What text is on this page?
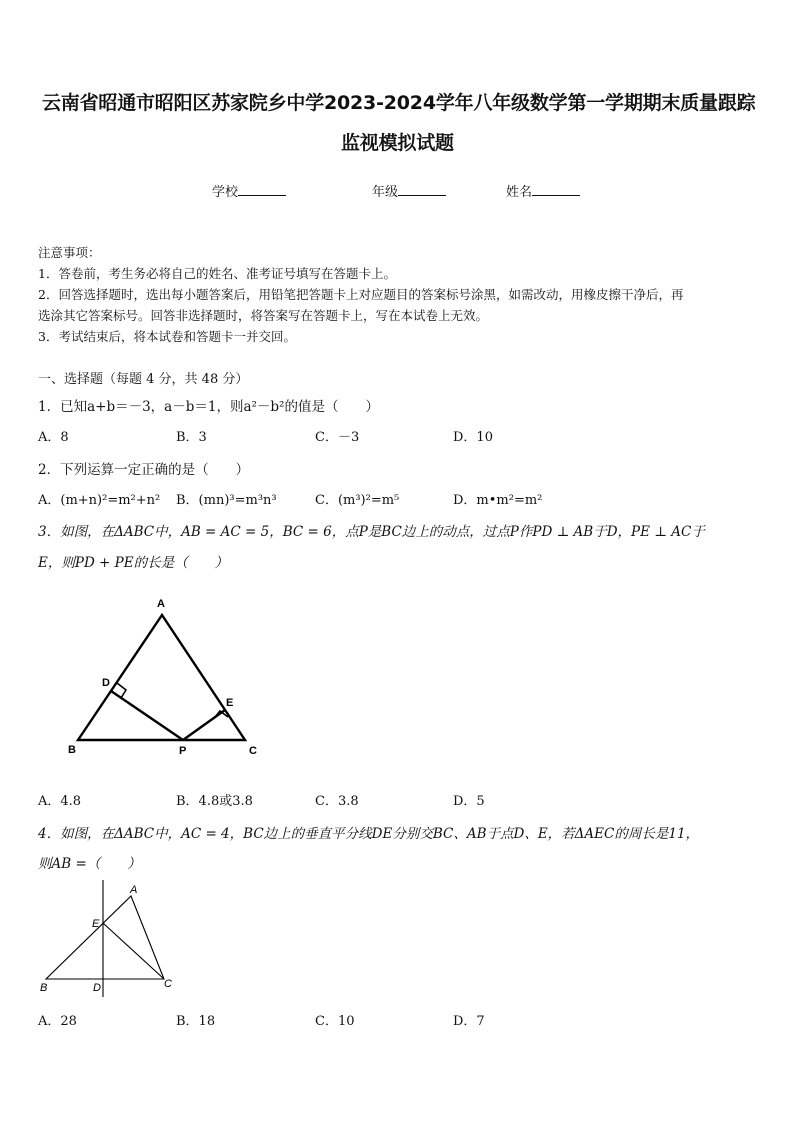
云南省昭通市昭阳区苏家院乡中学2023-2024学年八年级数学第一学期期末质量跟踪
监视模拟试题
学校	年级	姓名
注意事项：
1．答卷前，考生务必将自己的姓名、准考证号填写在答题卡上。
2．回答选择题时，选出每小题答案后，用铅笔把答题卡上对应题目的答案标号涂黑，如需改动，用橡皮擦干净后，再
选涂其它答案标号。回答非选择题时，将答案写在答题卡上，写在本试卷上无效。
3．考试结束后，将本试卷和答题卡一并交回。
一、选择题（每题 4 分，共 48 分）
1．已知a+b＝－3，a－b＝1，则a²－b²的值是（　　）
A．8	B．3	C．－3	D．10
2．下列运算一定正确的是（　　）
A．(m+n)²=m²+n² B．(mn)³=m³n³	C．(m³)²=m⁵	D．m•m²=m²
3．如图，在ΔABC中，AB = AC = 5，BC = 6，点P是BC边上的动点，过点P作PD ⊥ AB于D，PE ⊥ AC于
E，则PD + PE的长是（　　）
A
B	C
D
E
P
A．4.8	B．4.8或3.8	C．3.8	D．5
4．如图，在ΔABC中，AC = 4，BC边上的垂直平分线DE分别交BC、AB于点D、E，若ΔAEC的周长是11，
则AB =（　　）
A
B	C
D
E
A．28	B．18	C．10	D．7
